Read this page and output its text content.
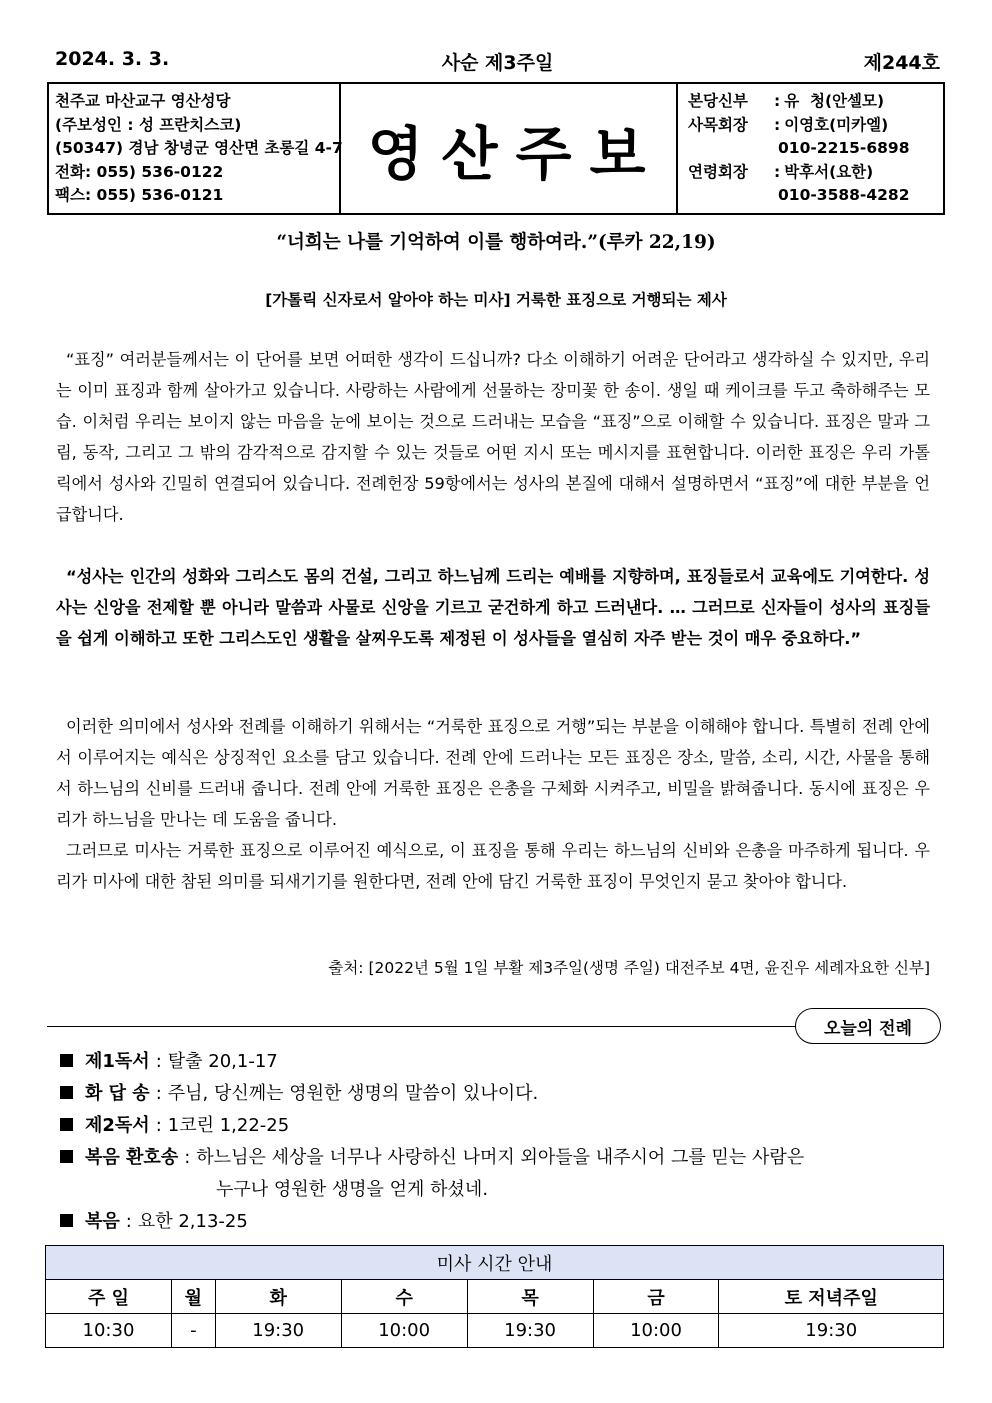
2024. 3. 3.	사순 제3주일	제244호
천주교 마산교구 영산성당
(주보성인 : 성 프란치스코)
(50347) 경남 창녕군 영산면 초롱길 4-7
전화: 055) 536-0122
팩스: 055) 536-0121
영산주보
본당신부	: 유  청(안셀모)
사목회장	: 이영호(미카엘)
010-2215-6898
연령회장	: 박후서(요한)
010-3588-4282
“너희는 나를 기억하여 이를 행하여라.”(루카 22,19)
[가톨릭 신자로서 알아야 하는 미사] 거룩한 표징으로 거행되는 제사
“표징” 여러분들께서는 이 단어를 보면 어떠한 생각이 드십니까? 다소 이해하기 어려운 단어라고 생각하실 수 있지만, 우리는 이미 표징과 함께 살아가고 있습니다. 사랑하는 사람에게 선물하는 장미꽃 한 송이. 생일 때 케이크를 두고 축하해주는 모습. 이처럼 우리는 보이지 않는 마음을 눈에 보이는 것으로 드러내는 모습을 “표징”으로 이해할 수 있습니다. 표징은 말과 그림, 동작, 그리고 그 밖의 감각적으로 감지할 수 있는 것들로 어떤 지시 또는 메시지를 표현합니다. 이러한 표징은 우리 가톨릭에서 성사와 긴밀히 연결되어 있습니다. 전례헌장 59항에서는 성사의 본질에 대해서 설명하면서 “표징”에 대한 부분을 언급합니다.
“성사는 인간의 성화와 그리스도 몸의 건설, 그리고 하느님께 드리는 예배를 지향하며, 표징들로서 교육에도 기여한다. 성사는 신앙을 전제할 뿐 아니라 말씀과 사물로 신앙을 기르고 굳건하게 하고 드러낸다. … 그러므로 신자들이 성사의 표징들을 쉽게 이해하고 또한 그리스도인 생활을 살찌우도록 제정된 이 성사들을 열심히 자주 받는 것이 매우 중요하다.”
이러한 의미에서 성사와 전례를 이해하기 위해서는 “거룩한 표징으로 거행”되는 부분을 이해해야 합니다. 특별히 전례 안에서 이루어지는 예식은 상징적인 요소를 담고 있습니다. 전례 안에 드러나는 모든 표징은 장소, 말씀, 소리, 시간, 사물을 통해서 하느님의 신비를 드러내 줍니다. 전례 안에 거룩한 표징은 은총을 구체화 시켜주고, 비밀을 밝혀줍니다. 동시에 표징은 우리가 하느님을 만나는 데 도움을 줍니다.
그러므로 미사는 거룩한 표징으로 이루어진 예식으로, 이 표징을 통해 우리는 하느님의 신비와 은총을 마주하게 됩니다. 우리가 미사에 대한 참된 의미를 되새기기를 원한다면, 전례 안에 담긴 거룩한 표징이 무엇인지 묻고 찾아야 합니다.
출처: [2022년 5월 1일 부활 제3주일(생명 주일) 대전주보 4면, 윤진우 세례자요한 신부]
오늘의 전례
제1독서 : 탈출 20,1-17
화 답 송 : 주님, 당신께는 영원한 생명의 말씀이 있나이다.
제2독서 : 1코린 1,22-25
복음 환호송 : 하느님은 세상을 너무나 사랑하신 나머지 외아들을 내주시어 그를 믿는 사람은
누구나 영원한 생명을 얻게 하셨네.
복음 : 요한 2,13-25
미사 시간 안내						
주 일	월	화	수	목	금	토 저녁주일
10:30	-	19:30	10:00	19:30	10:00	19:30
